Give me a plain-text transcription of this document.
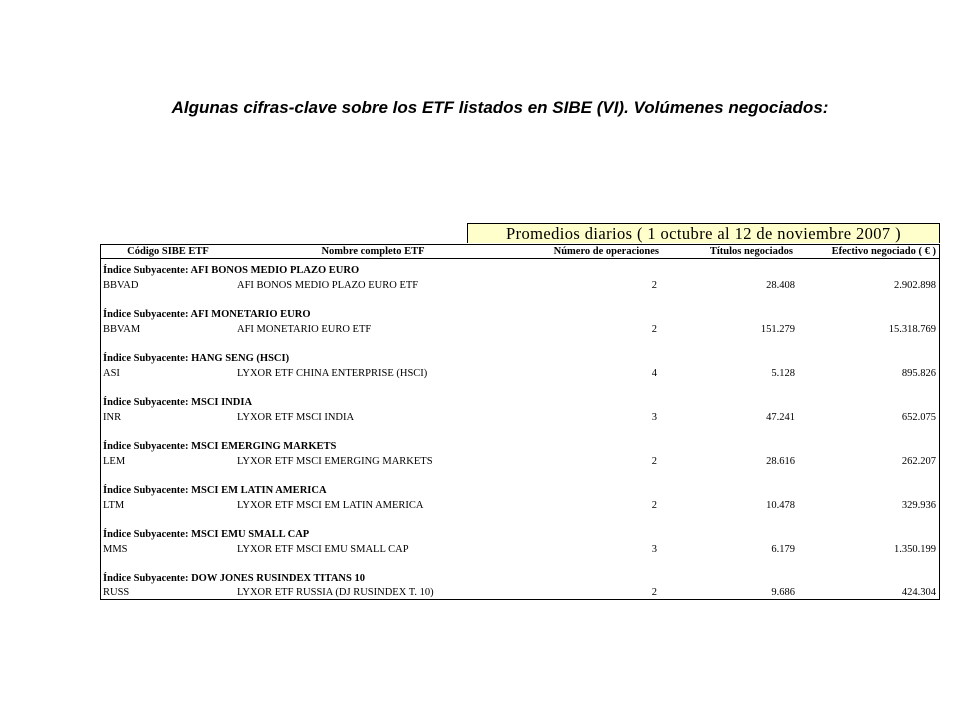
Algunas cifras-clave sobre los ETF listados en SIBE (VI). Volúmenes negociados:
Promedios diarios ( 1 octubre al 12 de noviembre 2007 )
Código SIBE ETF	Nombre completo ETF	Número de operaciones	Títulos negociados	Efectivo negociado ( € )
Índice Subyacente: AFI BONOS MEDIO PLAZO EURO
BBVAD	AFI BONOS MEDIO PLAZO EURO ETF	2	28.408	2.902.898
Índice Subyacente: AFI MONETARIO EURO
BBVAM	AFI MONETARIO EURO ETF	2	151.279	15.318.769
Índice Subyacente: HANG SENG (HSCI)
ASI	LYXOR ETF CHINA ENTERPRISE (HSCI)	4	5.128	895.826
Índice Subyacente: MSCI INDIA
INR	LYXOR ETF MSCI INDIA	3	47.241	652.075
Índice Subyacente: MSCI EMERGING MARKETS
LEM	LYXOR ETF MSCI EMERGING MARKETS	2	28.616	262.207
Índice Subyacente: MSCI EM LATIN AMERICA
LTM	LYXOR ETF MSCI EM LATIN AMERICA	2	10.478	329.936
Índice Subyacente: MSCI EMU SMALL CAP
MMS	LYXOR ETF MSCI EMU SMALL CAP	3	6.179	1.350.199
Índice Subyacente: DOW JONES RUSINDEX TITANS 10
RUSS	LYXOR ETF RUSSIA (DJ RUSINDEX T. 10)	2	9.686	424.304
